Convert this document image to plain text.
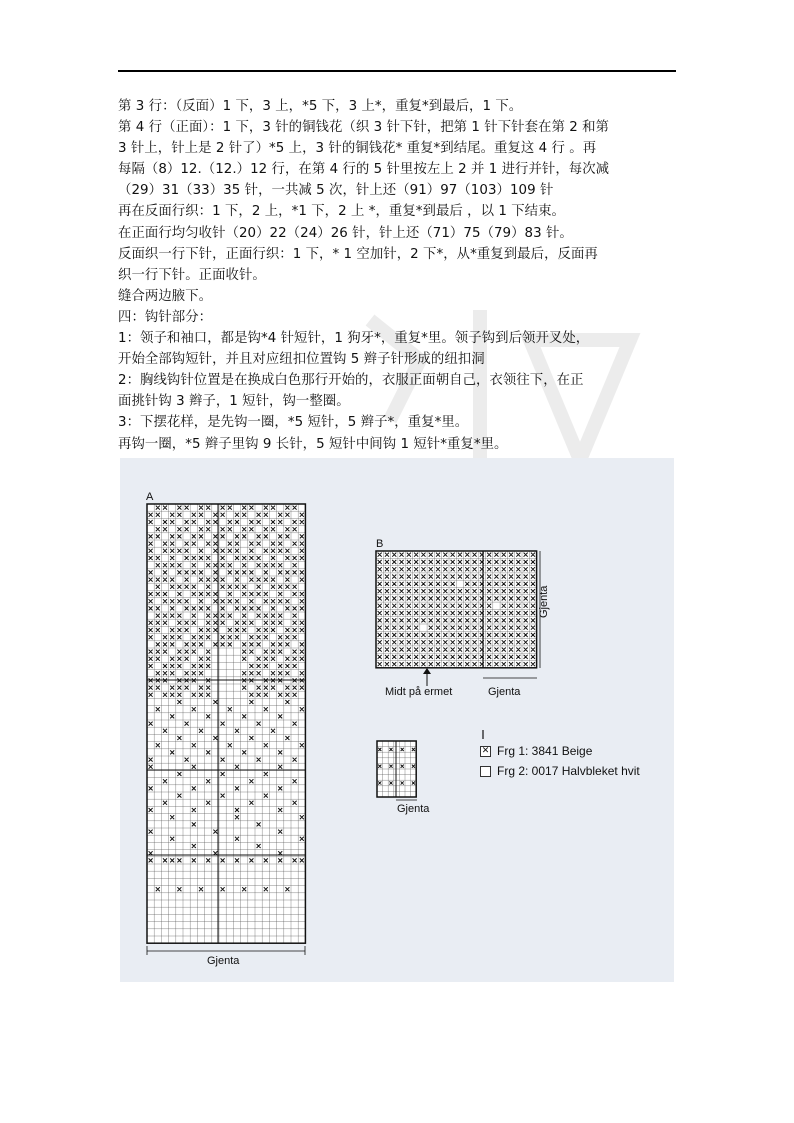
第 3 行：（反面）1 下，3 上，*5 下，3 上*，重复*到最后，1 下。
第 4 行（正面）：1 下，3 针的铜钱花（织 3 针下针，把第 1 针下针套在第 2 和第
3 针上，针上是 2 针了）*5 上，3 针的铜钱花* 重复*到结尾。重复这 4 行 。再
每隔（8）12.（12.）12 行，在第 4 行的 5 针里按左上 2 并 1 进行并针，每次减
（29）31（33）35 针，一共减 5 次，针上还（91）97（103）109 针
再在反面行织：1 下，2 上，*1 下，2 上 *，重复*到最后 ，以 1 下结束。
在正面行均匀收针（20）22（24）26 针，针上还（71）75（79）83 针。
反面织一行下针，正面行织：1 下，* 1 空加针，2 下*，从*重复到最后，反面再
织一行下针。正面收针。
缝合两边腋下。
四：钩针部分：
1：领子和袖口，都是钩*4 针短针，1 狗牙*，重复*里。领子钩到后领开叉处，
开始全部钩短针，并且对应纽扣位置钩 5 辫子针形成的纽扣洞
2：胸线钩针位置是在换成白色那行开始的，衣服正面朝自己，衣领往下，在正
面挑针钩 3 辫子，1 短针，钩一整圈。
3：下摆花样，是先钩一圈，*5 短针，5 辫子*，重复*里。
再钩一圈，*5 辫子里钩 9 长针，5 短针中间钩 1 短针*重复*里。
A
Gjenta
B
Midt på ermet	Gjenta
Gjenta
Gjenta
✕ Frg 1: 3841 Beige
Frg 2: 0017 Halvbleket hvit
